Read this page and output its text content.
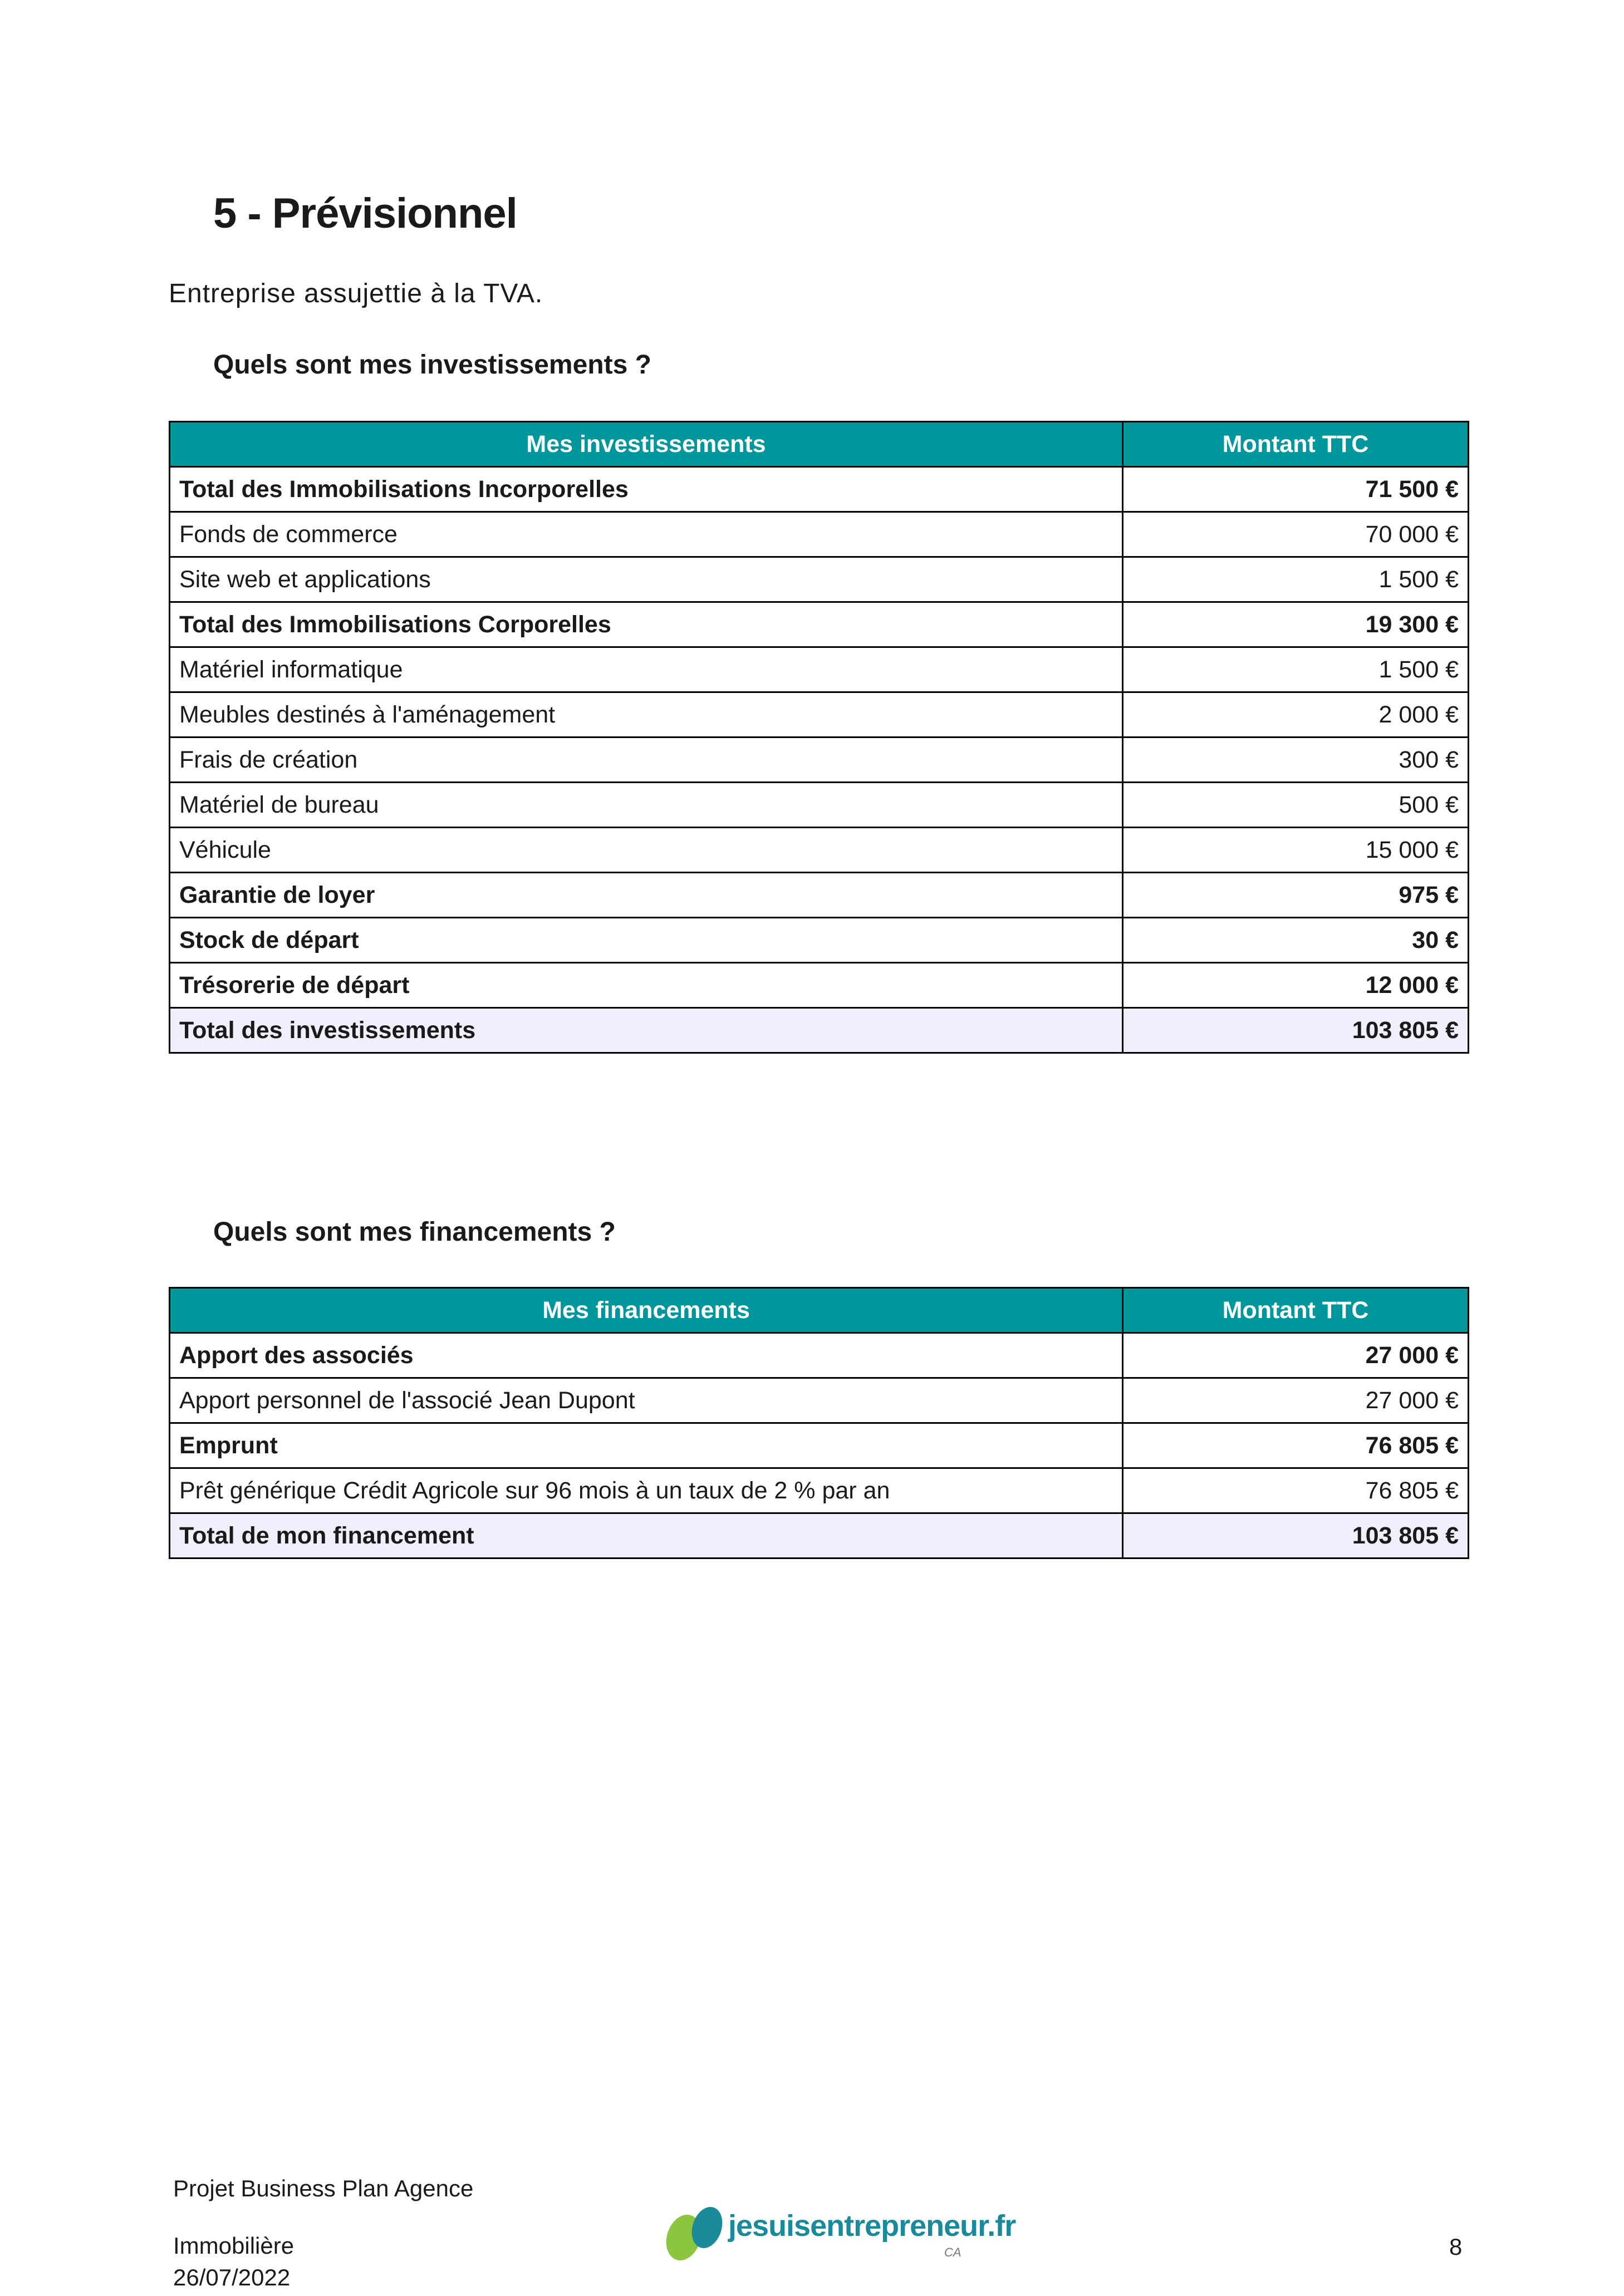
5 - Prévisionnel

Entreprise assujettie à la TVA.

Quels sont mes investissements ?
Mes investissements	Montant TTC
Total des Immobilisations Incorporelles	71 500 €
Fonds de commerce	70 000 €
Site web et applications	1 500 €
Total des Immobilisations Corporelles	19 300 €
Matériel informatique	1 500 €
Meubles destinés à l'aménagement	2 000 €
Frais de création	300 €
Matériel de bureau	500 €
Véhicule	15 000 €
Garantie de loyer	975 €
Stock de départ	30 €
Trésorerie de départ	12 000 €
Total des investissements	103 805 €
Quels sont mes financements ?
Mes financements	Montant TTC
Apport des associés	27 000 €
Apport personnel de l'associé Jean Dupont	27 000 €
Emprunt	76 805 €
Prêt générique Crédit Agricole sur 96 mois à un taux de 2 % par an	76 805 €
Total de mon financement	103 805 €
Projet Business Plan Agence
Immobilière
26/07/2022
jesuisentrepreneur.fr
CA	8
